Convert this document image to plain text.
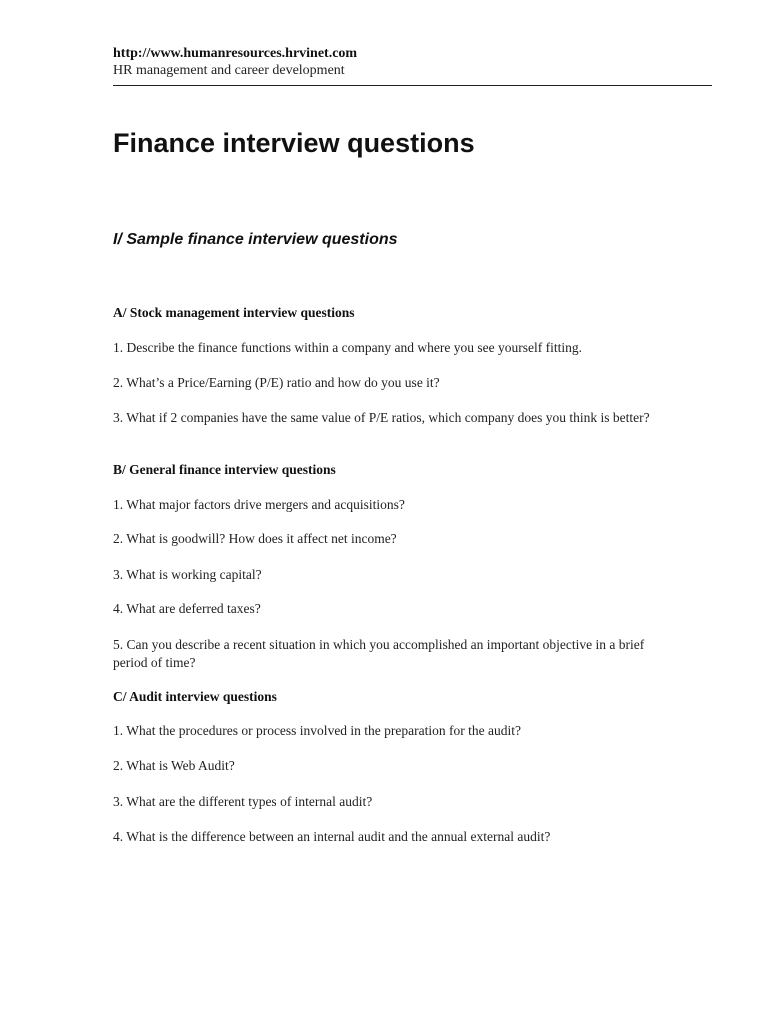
http://www.humanresources.hrvinet.com
HR management and career development
Finance interview questions
I/ Sample finance interview questions
A/ Stock management interview questions

1. Describe the finance functions within a company and where you see yourself fitting.

2. What’s a Price/Earning (P/E) ratio and how do you use it?

3. What if 2 companies have the same value of P/E ratios, which company does you think is better?

B/ General finance interview questions

1. What major factors drive mergers and acquisitions?

2. What is goodwill? How does it affect net income?

3. What is working capital?

4. What are deferred taxes?

5. Can you describe a recent situation in which you accomplished an important objective in a brief period of time?

C/ Audit interview questions

1. What the procedures or process involved in the preparation for the audit?

2. What is Web Audit?

3. What are the different types of internal audit?

4. What is the difference between an internal audit and the annual external audit?
